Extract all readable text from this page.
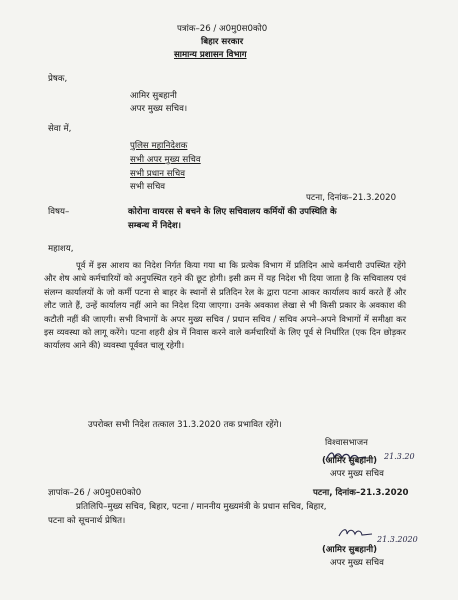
पत्रांक–26 / अ0मु0स0को0
बिहार सरकार
सामान्य प्रशासन विभाग
प्रेषक,
आमिर सुबहानी
अपर मुख्य सचिव।
सेवा में,
पुलिस महानिदेशक
सभी अपर मुख्य सचिव
सभी प्रधान सचिव
सभी सचिव
पटना, दिनांक–21.3.2020
विषय–	कोरोना वायरस से बचने के लिए सचिवालय कर्मियों की उपस्थिति के
सम्बन्ध में निदेश।
महाशय,

पूर्व में इस आशय का निदेश निर्गत किया गया था कि प्रत्येक विभाग में प्रतिदिन आधे कर्मचारी उपस्थित रहेंगे और शेष आधे कर्मचारियों को अनुपस्थित रहने की छूट होगी। इसी क्रम में यह निदेश भी दिया जाता है कि सचिवालय एवं संलग्न कार्यालयों के जो कर्मी पटना से बाहर के स्थानों से प्रतिदिन रेल के द्वारा पटना आकर कार्यालय कार्य करते हैं और लौट जाते हैं, उन्हें कार्यालय नहीं आने का निदेश दिया जाएगा। उनके अवकाश लेखा से भी किसी प्रकार के अवकाश की कटौती नहीं की जाएगी। सभी विभागों के अपर मुख्य सचिव / प्रधान सचिव / सचिव अपने–अपने विभागों में समीक्षा कर इस व्यवस्था को लागू करेंगे। पटना शहरी क्षेत्र में निवास करने वाले कर्मचारियों के लिए पूर्व से निर्धारित (एक दिन छोड़कर कार्यालय आने की) व्यवस्था पूर्ववत चालू रहेगी।

उपरोक्त सभी निदेश तत्काल 31.3.2020 तक प्रभावित रहेंगे।
विश्वासभाजन
21.3.20
(आमिर सुबहानी)
अपर मुख्य सचिव
ज्ञापांक–26 / अ0मु0स0को0	पटना, दिनांक–21.3.2020
प्रतिलिपि–मुख्य सचिव, बिहार, पटना / माननीय मुख्यमंत्री के प्रधान सचिव, बिहार,
पटना को सूचनार्थ प्रेषित।
21.3.2020
(आमिर सुबहानी)
अपर मुख्य सचिव
